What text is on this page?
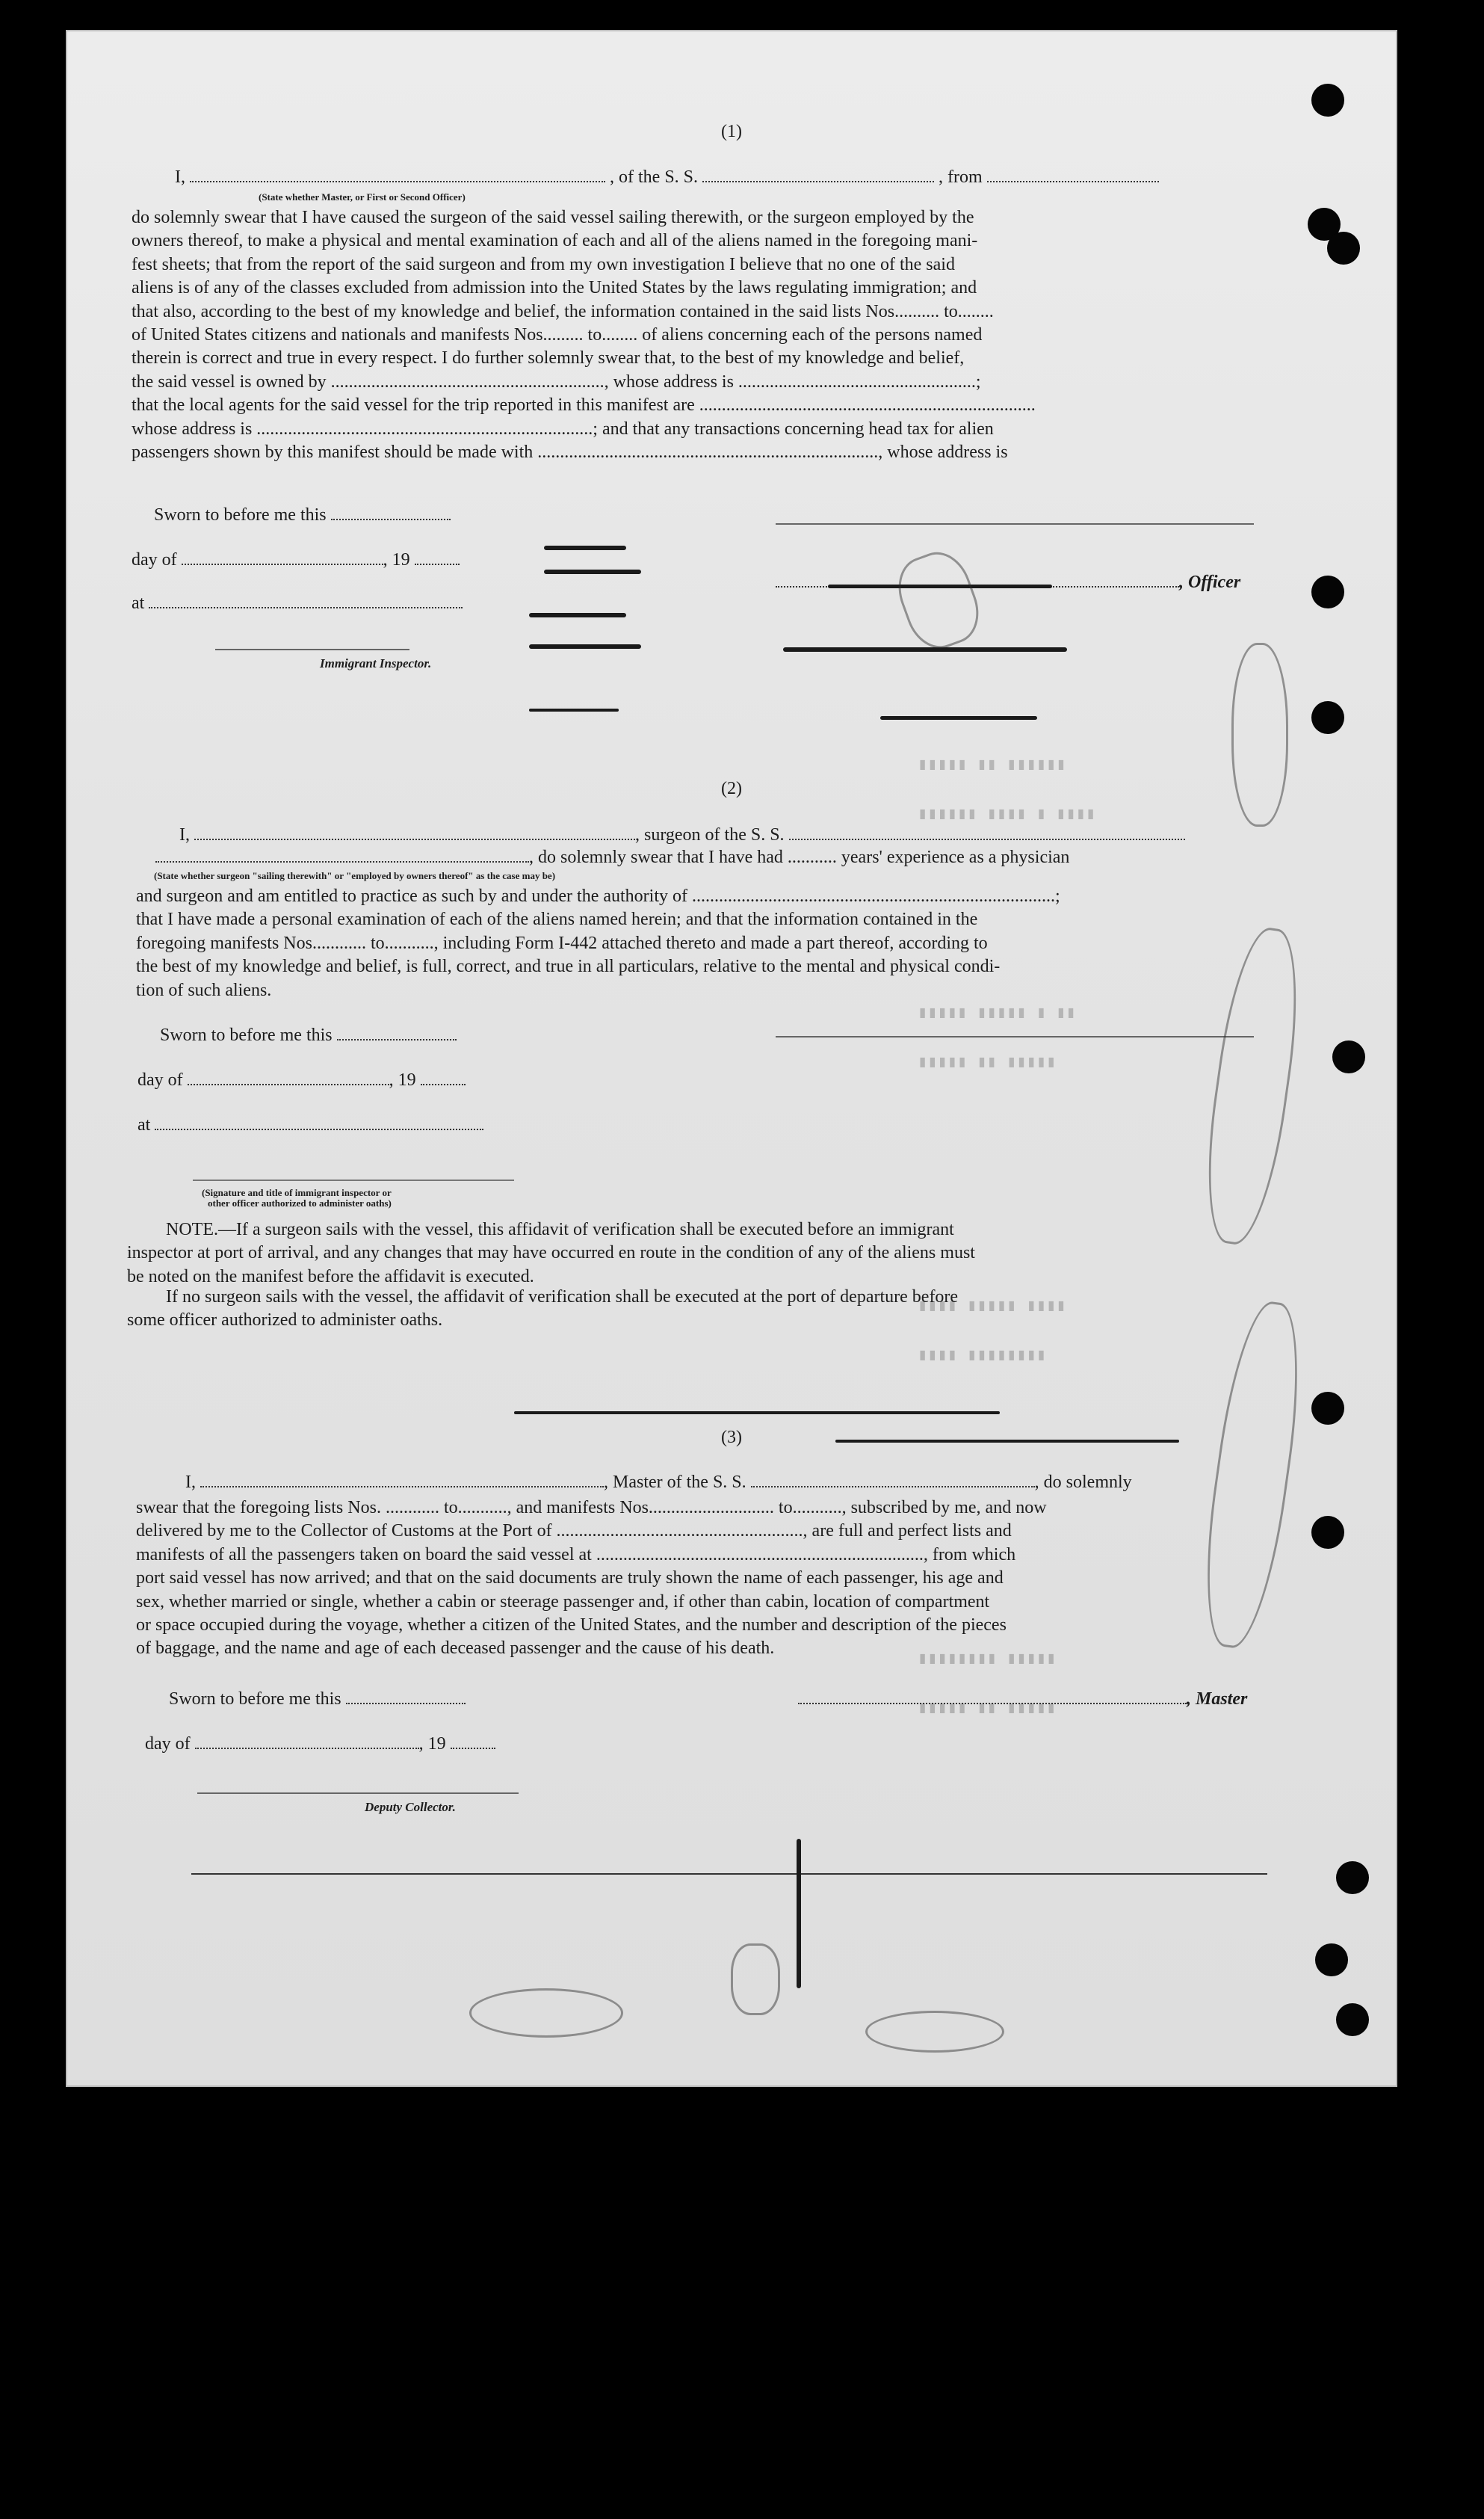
▮▮▮▮▮ ▮▮ ▮▮▮▮▮▮
▮▮▮▮▮▮ ▮▮▮▮ ▮ ▮▮▮▮
▮▮▮▮▮ ▮▮▮▮▮ ▮ ▮▮
▮▮▮▮▮ ▮▮ ▮▮▮▮▮
▮▮▮▮ ▮▮▮▮▮ ▮▮▮▮
▮▮▮▮ ▮▮▮▮▮▮▮▮
▮▮▮▮▮▮▮▮ ▮▮▮▮▮
▮▮▮▮▮ ▮▮ ▮▮▮▮▮
(1)
I,	, of the S. S.	, from
(State whether Master, or First or Second Officer)
do solemnly swear that I have caused the surgeon of the said vessel sailing therewith, or the surgeon employed by the
owners thereof, to make a physical and mental examination of each and all of the aliens named in the foregoing mani-
fest sheets; that from the report of the said surgeon and from my own investigation I believe that no one of the said
aliens is of any of the classes excluded from admission into the United States by the laws regulating immigration; and
that also, according to the best of my knowledge and belief, the information contained in the said lists Nos.......... to........
of United States citizens and nationals and manifests Nos......... to........ of aliens concerning each of the persons named
therein is correct and true in every respect. I do further solemnly swear that, to the best of my knowledge and belief,
the said vessel is owned by ............................................................., whose address is .....................................................;
that the local agents for the said vessel for the trip reported in this manifest are ...........................................................................
whose address is ...........................................................................; and that any transactions concerning head tax for alien
passengers shown by this manifest should be made with ............................................................................, whose address is
Sworn to before me this
day of	, 19
at
Immigrant Inspector.
, Officer
(2)
I,	, surgeon of the S. S.
, do solemnly swear that I have had ........... years' experience as a physician
(State whether surgeon "sailing therewith" or "employed by owners thereof" as the case may be)
and surgeon and am entitled to practice as such by and under the authority of .................................................................................;
that I have made a personal examination of each of the aliens named herein; and that the information contained in the
foregoing manifests Nos............ to..........., including Form I-442 attached thereto and made a part thereof, according to
the best of my knowledge and belief, is full, correct, and true in all particulars, relative to the mental and physical condi-
tion of such aliens.
Sworn to before me this
day of	, 19
at
(Signature and title of immigrant inspector or
other officer authorized to administer oaths)
NOTE.—If a surgeon sails with the vessel, this affidavit of verification shall be executed before an immigrant
inspector at port of arrival, and any changes that may have occurred en route in the condition of any of the aliens must
be noted on the manifest before the affidavit is executed.
If no surgeon sails with the vessel, the affidavit of verification shall be executed at the port of departure before
some officer authorized to administer oaths.
(3)
I,	, Master of the S. S.	, do solemnly
swear that the foregoing lists Nos. ............ to..........., and manifests Nos............................ to..........., subscribed by me, and now
delivered by me to the Collector of Customs at the Port of ......................................................., are full and perfect lists and
manifests of all the passengers taken on board the said vessel at ........................................................................., from which
port said vessel has now arrived; and that on the said documents are truly shown the name of each passenger, his age and
sex, whether married or single, whether a cabin or steerage passenger and, if other than cabin, location of compartment
or space occupied during the voyage, whether a citizen of the United States, and the number and description of the pieces
of baggage, and the name and age of each deceased passenger and the cause of his death.
Sworn to before me this	, Master
day of	, 19
Deputy Collector.
